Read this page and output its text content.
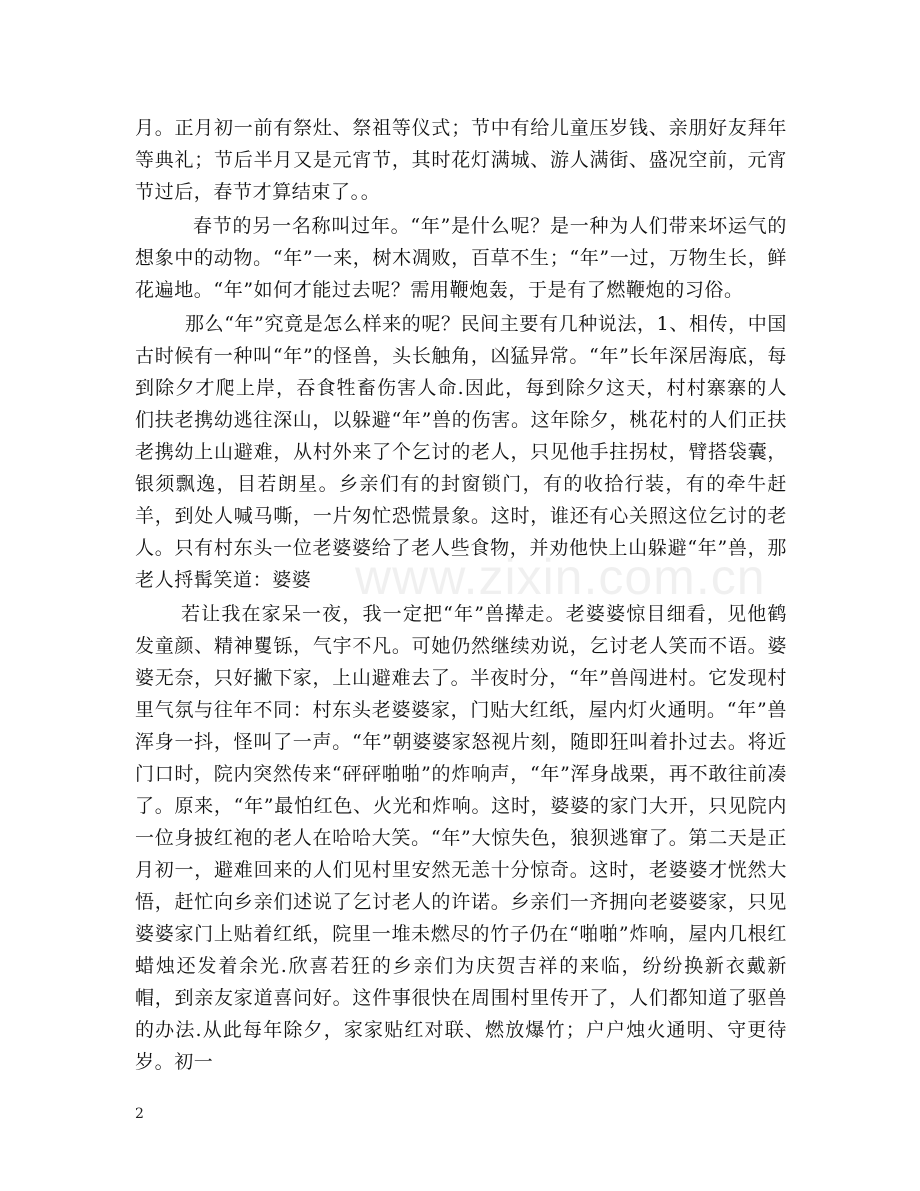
月。正月初一前有祭灶、祭祖等仪式；节中有给儿童压岁钱、亲朋好友拜年等典礼；节后半月又是元宵节，其时花灯满城、游人满街、盛况空前，元宵节过后，春节才算结束了。。

春节的另一名称叫过年。“年”是什么呢？是一种为人们带来坏运气的想象中的动物。“年”一来，树木凋败，百草不生；“年”一过，万物生长，鲜花遍地。“年”如何才能过去呢？需用鞭炮轰，于是有了燃鞭炮的习俗。

那么“年”究竟是怎么样来的呢？民间主要有几种说法，1、相传，中国古时候有一种叫“年”的怪兽，头长触角，凶猛异常。“年”长年深居海底，每到除夕才爬上岸，吞食牲畜伤害人命.因此，每到除夕这天，村村寨寨的人们扶老携幼逃往深山，以躲避“年”兽的伤害。这年除夕，桃花村的人们正扶老携幼上山避难，从村外来了个乞讨的老人，只见他手拄拐杖，臂搭袋囊，银须飘逸，目若朗星。乡亲们有的封窗锁门，有的收拾行装，有的牵牛赶羊，到处人喊马嘶，一片匆忙恐慌景象。这时，谁还有心关照这位乞讨的老人。只有村东头一位老婆婆给了老人些食物，并劝他快上山躲避“年”兽，那老人捋髯笑道：婆婆

若让我在家呆一夜，我一定把“年”兽撵走。老婆婆惊目细看，见他鹤发童颜、精神矍铄，气宇不凡。可她仍然继续劝说，乞讨老人笑而不语。婆婆无奈，只好撇下家，上山避难去了。半夜时分，“年”兽闯进村。它发现村里气氛与往年不同：村东头老婆婆家，门贴大红纸，屋内灯火通明。“年”兽浑身一抖，怪叫了一声。“年”朝婆婆家怒视片刻，随即狂叫着扑过去。将近门口时，院内突然传来“砰砰啪啪”的炸响声，“年”浑身战栗，再不敢往前凑了。原来，“年”最怕红色、火光和炸响。这时，婆婆的家门大开，只见院内一位身披红袍的老人在哈哈大笑。“年”大惊失色，狼狈逃窜了。第二天是正月初一，避难回来的人们见村里安然无恙十分惊奇。这时，老婆婆才恍然大悟，赶忙向乡亲们述说了乞讨老人的许诺。乡亲们一齐拥向老婆婆家，只见婆婆家门上贴着红纸，院里一堆未燃尽的竹子仍在“啪啪”炸响，屋内几根红蜡烛还发着余光.欣喜若狂的乡亲们为庆贺吉祥的来临，纷纷换新衣戴新帽，到亲友家道喜问好。这件事很快在周围村里传开了，人们都知道了驱兽的办法.从此每年除夕，家家贴红对联、燃放爆竹；户户烛火通明、守更待岁。初一

www.zixin.com.cn
2
